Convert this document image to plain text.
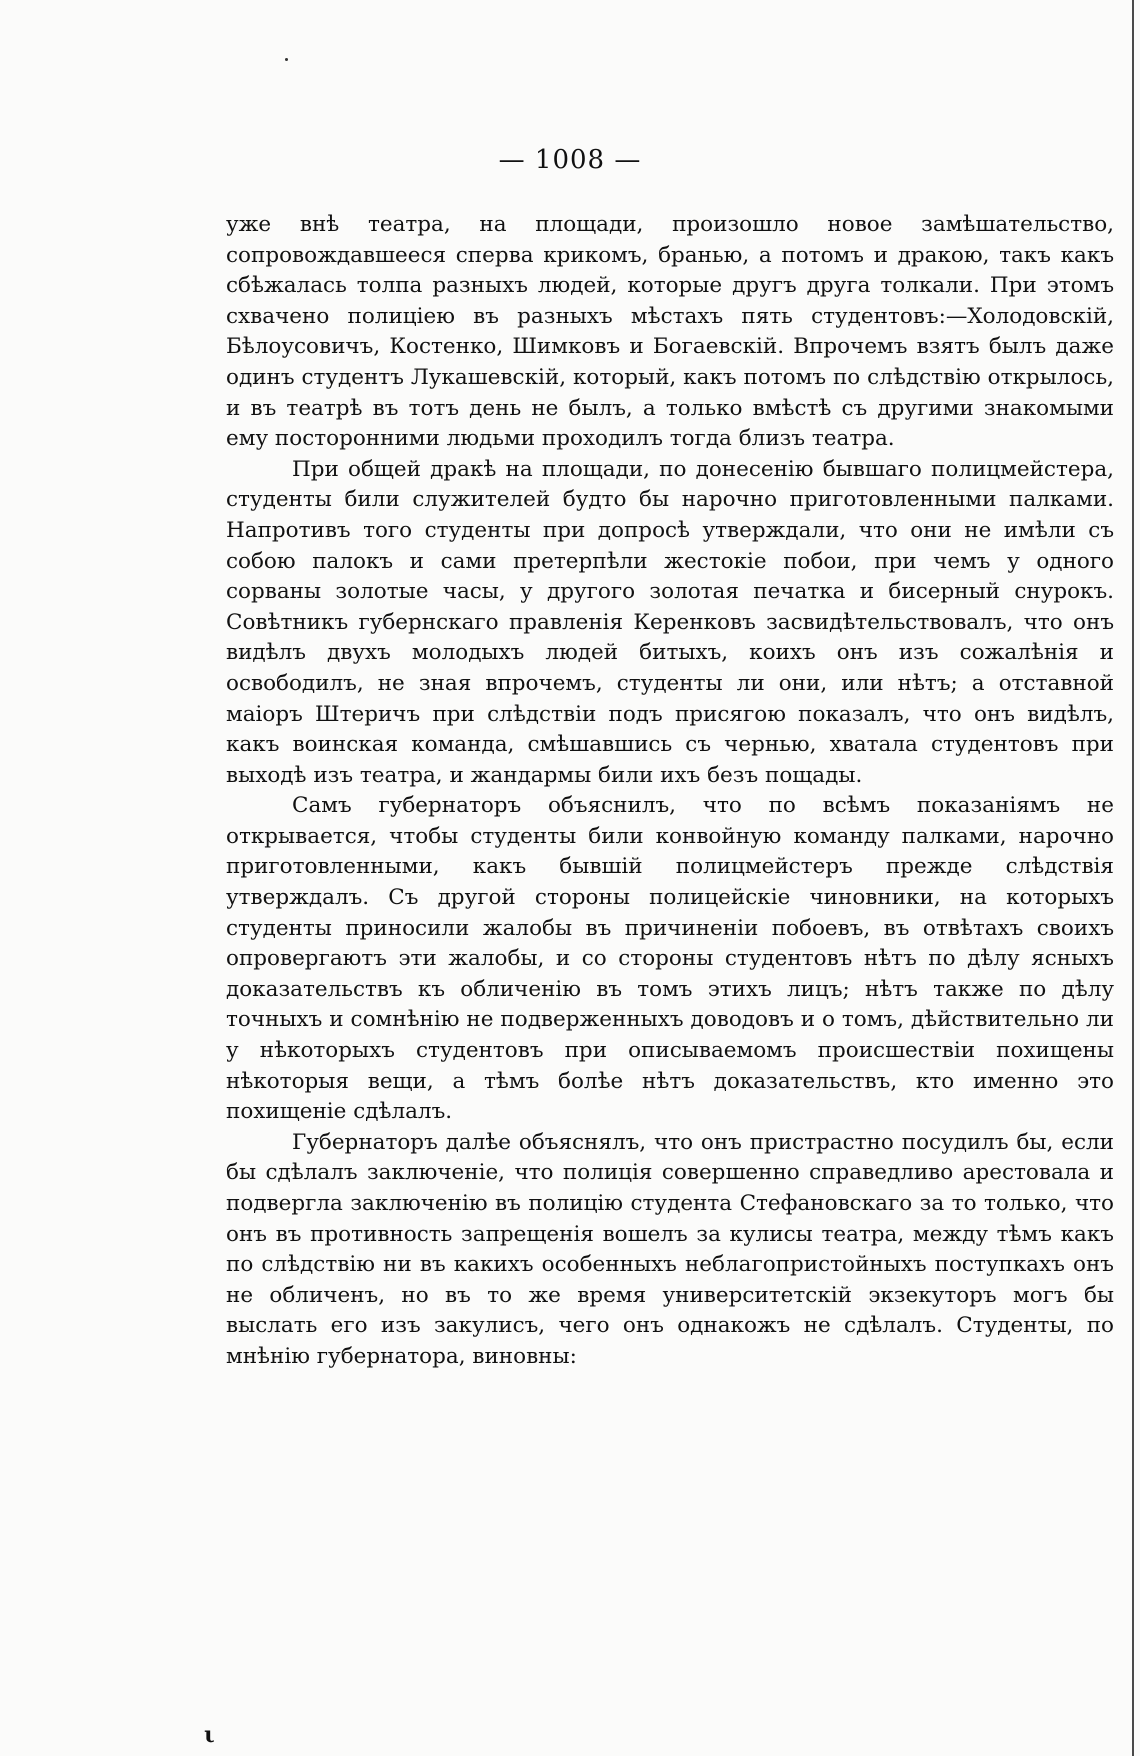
— 1008 —

уже внѣ театра, на площади, произошло новое замѣшательство, сопровождавшееся сперва крикомъ, бранью, а потомъ и дракою, такъ какъ сбѣжалась толпа разныхъ людей, которые другъ друга толкали. При этомъ схвачено полицiею въ разныхъ мѣстахъ пять студентовъ:—Холодовскiй, Бѣлоусовичъ, Костенко, Шимковъ и Богаевскiй. Впрочемъ взятъ былъ даже одинъ студентъ Лукашевскiй, который, какъ потомъ по слѣдствiю открылось, и въ театрѣ въ тотъ день не былъ, а только вмѣстѣ съ другими знакомыми ему посторонними людьми проходилъ тогда близъ театра.

При общей дракѣ на площади, по донесенiю бывшаго полицмейстера, студенты били служителей будто бы нарочно приготовленными палками. Напротивъ того студенты при допросѣ утверждали, что они не имѣли съ собою палокъ и сами претерпѣли жестокiе побои, при чемъ у одного сорваны золотые часы, у другого золотая печатка и бисерный снурокъ. Совѣтникъ губернскаго правленiя Керенковъ засвидѣтельствовалъ, что онъ видѣлъ двухъ молодыхъ людей битыхъ, коихъ онъ изъ сожалѣнiя и освободилъ, не зная впрочемъ, студенты ли они, или нѣтъ; а отставной маiоръ Штеричъ при слѣдствiи подъ присягою показалъ, что онъ видѣлъ, какъ воинская команда, смѣшавшись съ чернью, хватала студентовъ при выходѣ изъ театра, и жандармы били ихъ безъ пощады.

Самъ губернаторъ объяснилъ, что по всѣмъ показанiямъ не открывается, чтобы студенты били конвойную команду палками, нарочно приготовленными, какъ бывшiй полицмейстеръ прежде слѣдствiя утверждалъ. Съ другой стороны полицейскiе чиновники, на которыхъ студенты приносили жалобы въ причиненiи побоевъ, въ отвѣтахъ своихъ опровергаютъ эти жалобы, и со стороны студентовъ нѣтъ по дѣлу ясныхъ доказательствъ къ обличенiю въ томъ этихъ лицъ; нѣтъ также по дѣлу точныхъ и сомнѣнiю не подверженныхъ доводовъ и о томъ, дѣйствительно ли у нѣкоторыхъ студентовъ при описываемомъ происшествiи похищены нѣкоторыя вещи, а тѣмъ болѣе нѣтъ доказательствъ, кто именно это похищенiе сдѣлалъ.

Губернаторъ далѣе объяснялъ, что онъ пристрастно посудилъ бы, если бы сдѣлалъ заключенiе, что полицiя совершенно справедливо арестовала и подвергла заключенiю въ полицiю студента Стефановскаго за то только, что онъ въ противность запрещенiя вошелъ за кулисы театра, между тѣмъ какъ по слѣдствiю ни въ какихъ особенныхъ неблагопристойныхъ поступкахъ онъ не обличенъ, но въ то же время университетскiй экзекуторъ могъ бы выслать его изъ закулисъ, чего онъ однакожъ не сдѣлалъ. Студенты, по мнѣнiю губернатора, виновны:

ι
